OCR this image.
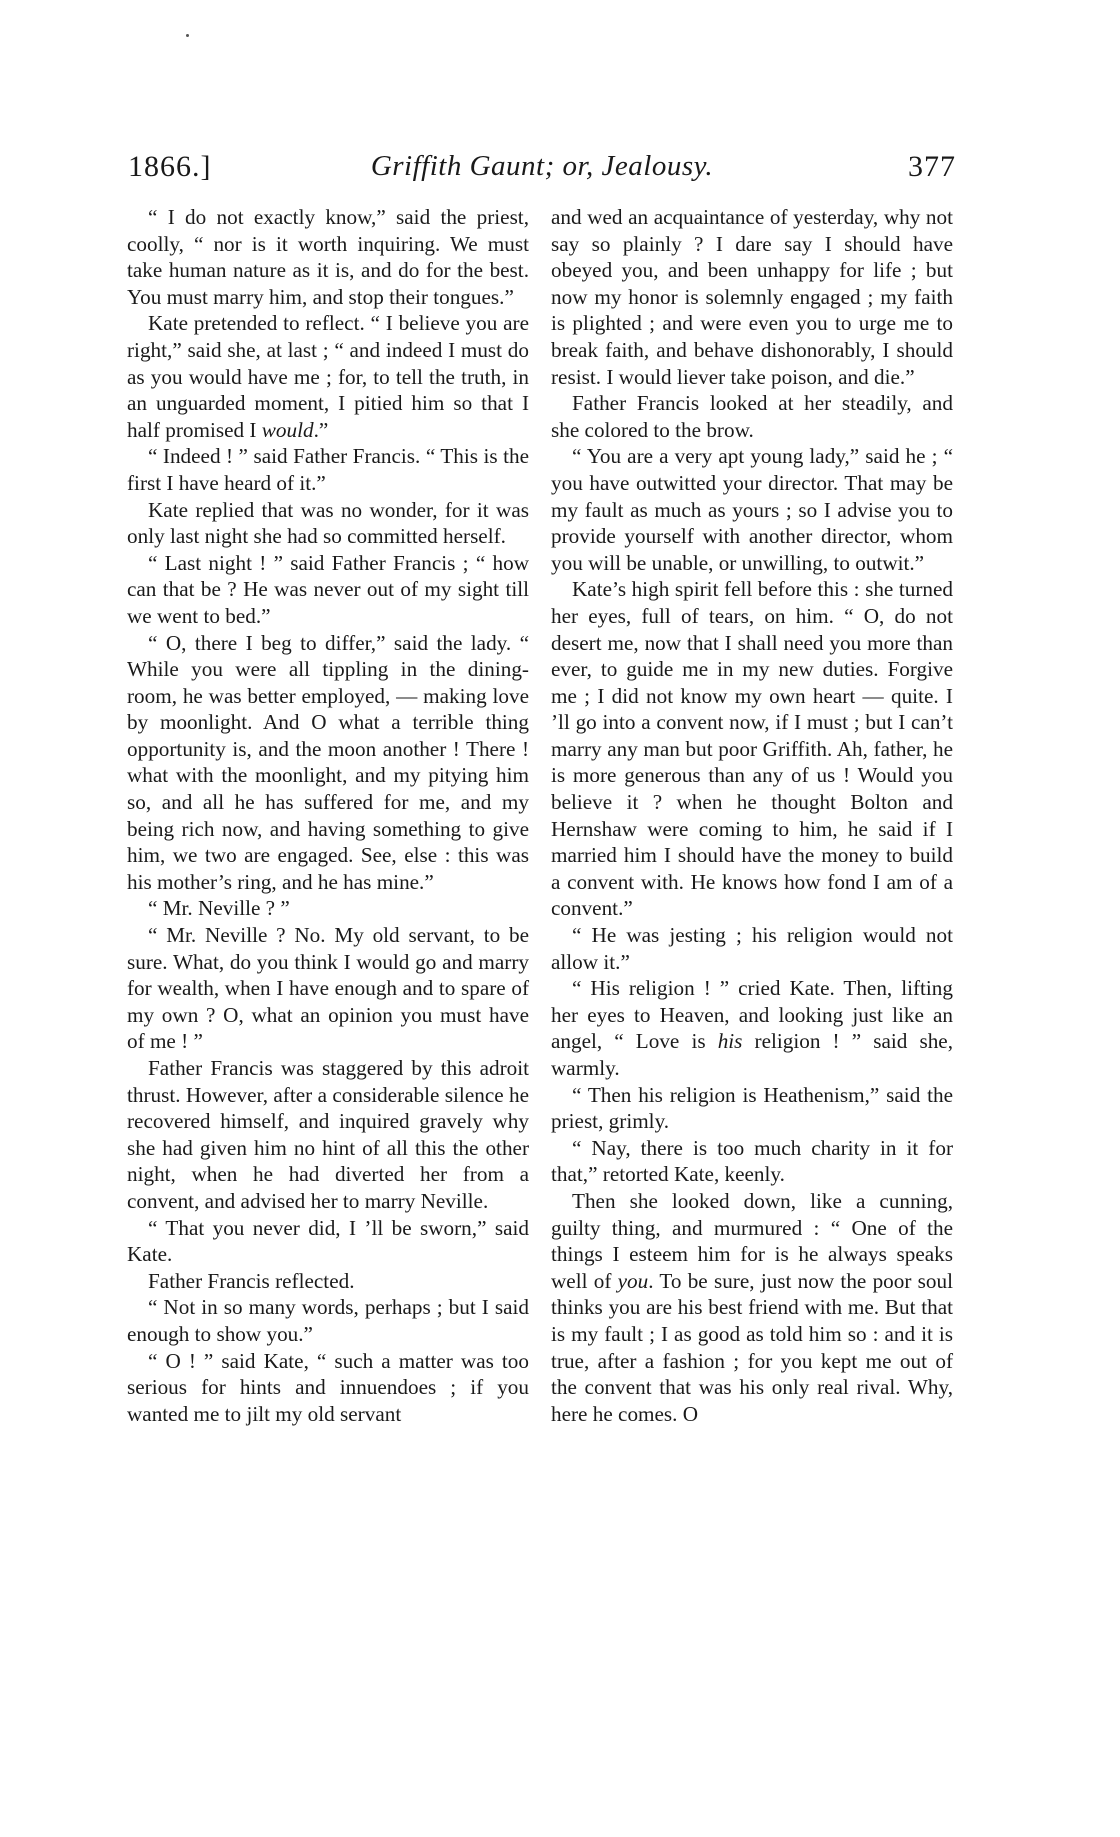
1866.]	Griffith Gaunt; or, Jealousy.	377

“ I do not exactly know,” said the priest, coolly, “ nor is it worth inquiring. We must take human nature as it is, and do for the best. You must marry him, and stop their tongues.”

Kate pretended to reflect. “ I believe you are right,” said she, at last ; “ and indeed I must do as you would have me ; for, to tell the truth, in an unguarded moment, I pitied him so that I half promised I would.”

“ Indeed ! ” said Father Francis. “ This is the first I have heard of it.”

Kate replied that was no wonder, for it was only last night she had so committed herself.

“ Last night ! ” said Father Francis ; “ how can that be ? He was never out of my sight till we went to bed.”

“ O, there I beg to differ,” said the lady. “ While you were all tippling in the dining-room, he was better employed, — making love by moonlight. And O what a terrible thing opportunity is, and the moon another ! There ! what with the moonlight, and my pitying him so, and all he has suffered for me, and my being rich now, and having something to give him, we two are engaged. See, else : this was his mother’s ring, and he has mine.”

“ Mr. Neville ? ”

“ Mr. Neville ? No. My old servant, to be sure. What, do you think I would go and marry for wealth, when I have enough and to spare of my own ? O, what an opinion you must have of me ! ”

Father Francis was staggered by this adroit thrust. However, after a considerable silence he recovered himself, and inquired gravely why she had given him no hint of all this the other night, when he had diverted her from a convent, and advised her to marry Neville.

“ That you never did, I ’ll be sworn,” said Kate.

Father Francis reflected.

“ Not in so many words, perhaps ; but I said enough to show you.”

“ O ! ” said Kate, “ such a matter was too serious for hints and innuendoes ; if you wanted me to jilt my old servant

and wed an acquaintance of yesterday, why not say so plainly ? I dare say I should have obeyed you, and been unhappy for life ; but now my honor is solemnly engaged ; my faith is plighted ; and were even you to urge me to break faith, and behave dishonorably, I should resist. I would liever take poison, and die.”

Father Francis looked at her steadily, and she colored to the brow.

“ You are a very apt young lady,” said he ; “ you have outwitted your director. That may be my fault as much as yours ; so I advise you to provide yourself with another director, whom you will be unable, or unwilling, to outwit.”

Kate’s high spirit fell before this : she turned her eyes, full of tears, on him. “ O, do not desert me, now that I shall need you more than ever, to guide me in my new duties. Forgive me ; I did not know my own heart — quite. I ’ll go into a convent now, if I must ; but I can’t marry any man but poor Griffith. Ah, father, he is more generous than any of us ! Would you believe it ? when he thought Bolton and Hernshaw were coming to him, he said if I married him I should have the money to build a convent with. He knows how fond I am of a convent.”

“ He was jesting ; his religion would not allow it.”

“ His religion ! ” cried Kate. Then, lifting her eyes to Heaven, and looking just like an angel, “ Love is his religion ! ” said she, warmly.

“ Then his religion is Heathenism,” said the priest, grimly.

“ Nay, there is too much charity in it for that,” retorted Kate, keenly.

Then she looked down, like a cunning, guilty thing, and murmured : “ One of the things I esteem him for is he always speaks well of you. To be sure, just now the poor soul thinks you are his best friend with me. But that is my fault ; I as good as told him so : and it is true, after a fashion ; for you kept me out of the convent that was his only real rival. Why, here he comes. O
